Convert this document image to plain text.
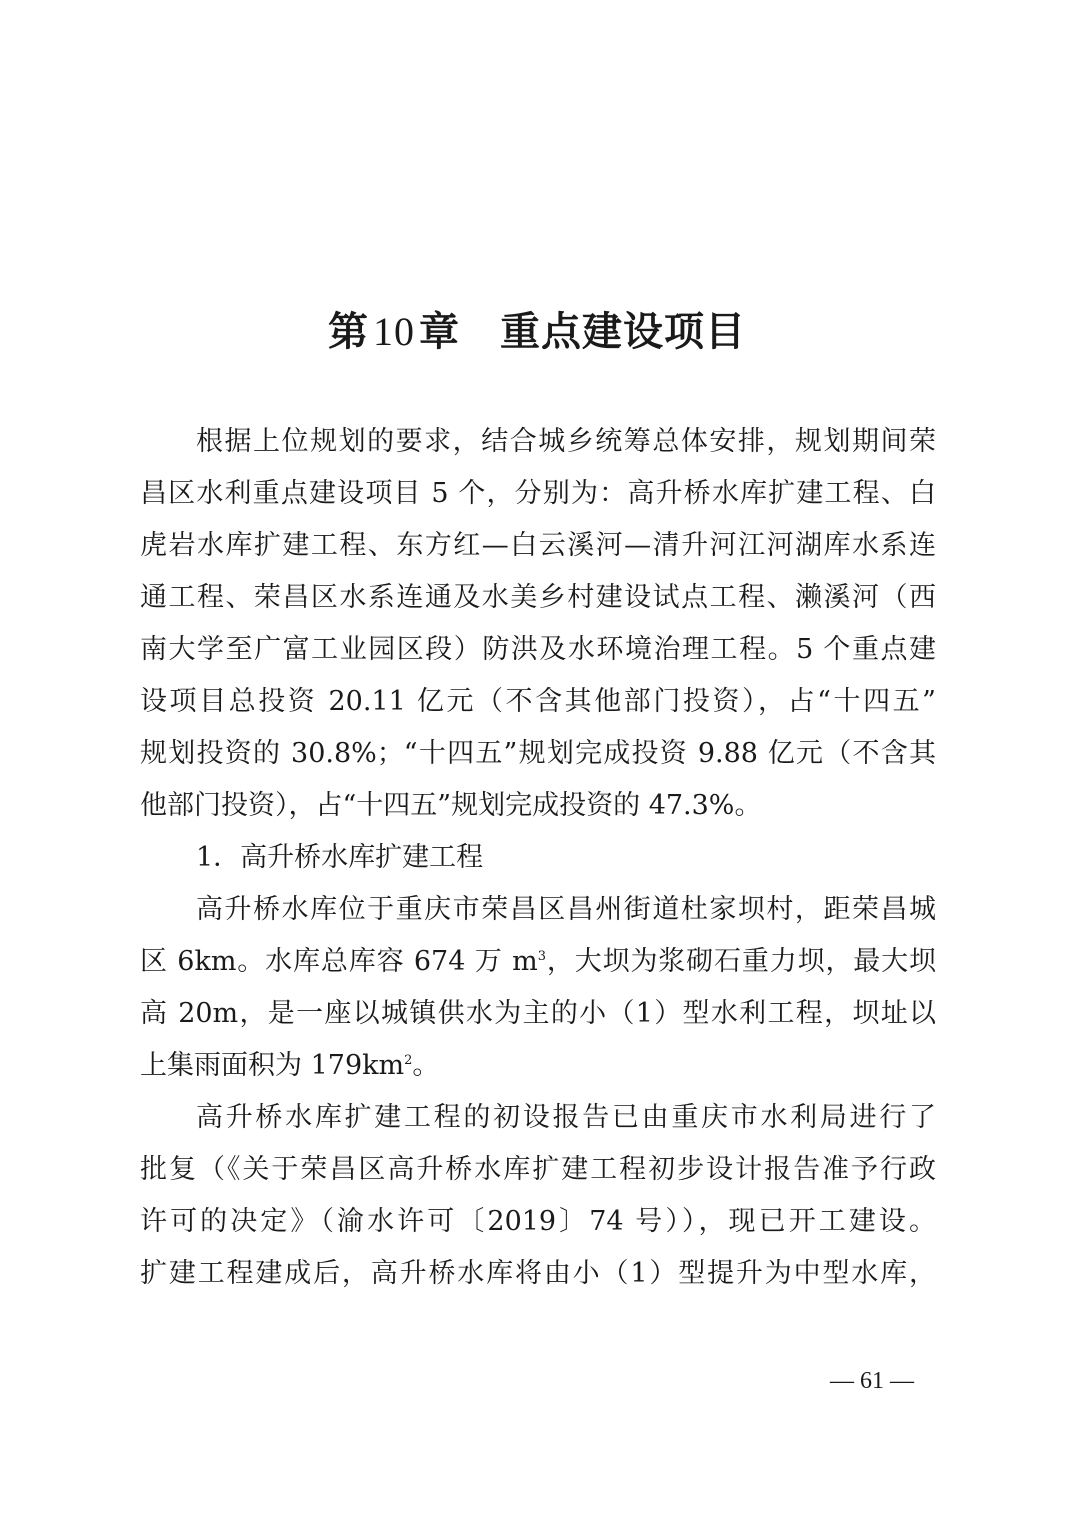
第 10 章 重点建设项目
根据上位规划的要求，结合城乡统筹总体安排，规划期间荣
昌区水利重点建设项目 5 个，分别为：高升桥水库扩建工程、白
虎岩水库扩建工程、东方红—白云溪河—清升河江河湖库水系连
通工程、荣昌区水系连通及水美乡村建设试点工程、濑溪河（西
南大学至广富工业园区段）防洪及水环境治理工程。5 个重点建
设项目总投资 20.11 亿元（不含其他部门投资），占“十四五”
规划投资的 30.8%；“十四五”规划完成投资 9.88 亿元（不含其
他部门投资），占“十四五”规划完成投资的 47.3%。
1．高升桥水库扩建工程
高升桥水库位于重庆市荣昌区昌州街道杜家坝村，距荣昌城
区 6km。水库总库容 674 万 $m^3$，大坝为浆砌石重力坝，最大坝
高 20m，是一座以城镇供水为主的小（1）型水利工程，坝址以
上集雨面积为 $179km^2$。
高升桥水库扩建工程的初设报告已由重庆市水利局进行了
批复（《关于荣昌区高升桥水库扩建工程初步设计报告准予行政
许可的决定》（渝水许可〔2019〕74 号）），现已开工建设。
扩建工程建成后，高升桥水库将由小（1）型提升为中型水库，
— 61 —
